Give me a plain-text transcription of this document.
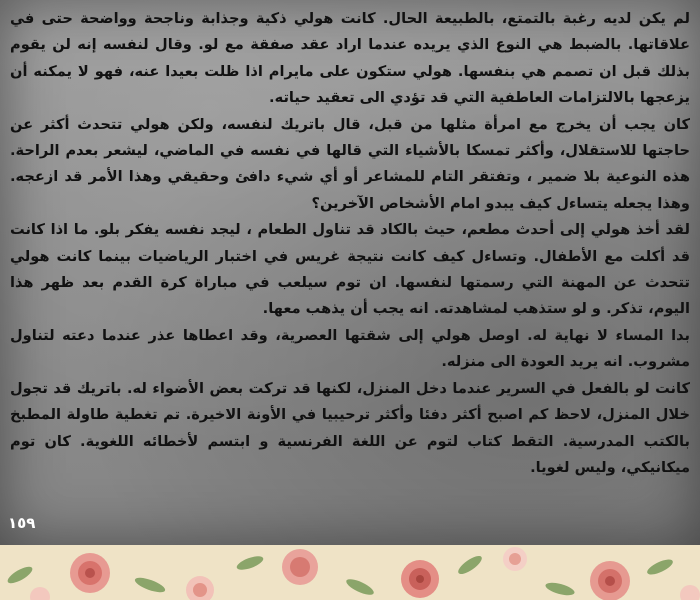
لم يكن لديه رغبة بالتمتع، بالطبيعة الحال. كانت هولي ذكية وجذابة وناجحة وواضحة حتى في علاقاتها. بالضبط هي النوع الذي يريده عندما اراد عقد صفقة مع لو. وقال لنفسه إنه لن يقوم بذلك قبل ان تصمم هي بنفسها. هولي ستكون على مايرام اذا ظلت بعيدا عنه، فهو لا يمكنه أن يزعجها بالالتزامات العاطفية التي قد تؤدي الى تعقيد حياته.

كان يجب أن يخرج مع امرأة مثلها من قبل، قال باتريك لنفسه، ولكن هولي تتحدث أكثر عن حاجتها للاستقلال، وأكثر تمسكا بالأشياء التي قالها في نفسه في الماضي، ليشعر بعدم الراحة. هذه النوعية بلا ضمير ، وتفتقر التام للمشاعر أو أي شيء دافئ وحقيقي وهذا الأمر قد ازعجه. وهذا يجعله يتساءل كيف يبدو امام الأشخاص الآخرين؟

لقد أخذ هولي إلى أحدث مطعم، حيث بالكاد قد تناول الطعام ، ليجد نفسه يفكر بلو. ما اذا كانت قد أكلت مع الأطفال. وتساءل كيف كانت نتيجة غريس في اختبار الرياضيات بينما كانت هولي تتحدث عن المهنة التي رسمتها لنفسها. ان توم سيلعب في مباراة كرة القدم بعد ظهر هذا اليوم، تذكر. و لو ستذهب لمشاهدته. انه يجب أن يذهب معها.

بدا المساء لا نهاية له. اوصل هولي إلى شقتها العصرية، وقد اعطاها عذر عندما دعته لتناول مشروب. انه يريد العودة الى منزله.

كانت لو بالفعل في السرير عندما دخل المنزل، لكنها قد تركت بعض الأضواء له. باتريك قد تجول خلال المنزل، لاحظ كم اصبح أكثر دفئا وأكثر ترحيبيا في الأونة الاخيرة. تم تغطية طاولة المطبخ بالكتب المدرسية. التقط كتاب لتوم عن اللغة الفرنسية و ابتسم لأخطائه اللغوية. كان توم ميكانيكي، وليس لغويا.

١٥٩
